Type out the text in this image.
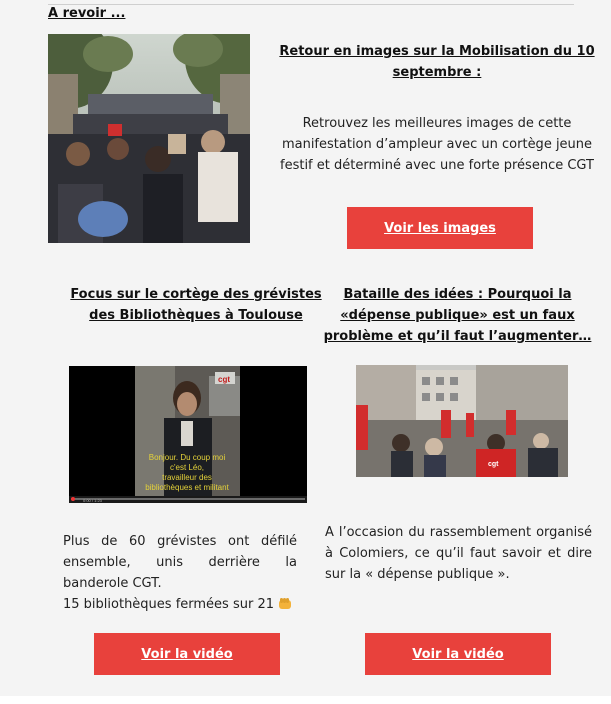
A revoir ...
Retour en images sur la Mobilisation du 10 septembre :
Retrouvez les meilleures images de cette manifestation d’ampleur avec un cortège jeune festif et déterminé avec une forte présence CGT
Voir les images
Focus sur le cortège des grévistes des Bibliothèques à Toulouse
cgt
Bonjour. Du coup moi
c'est Léo,
travailleur des
bibliothèques et militant
0:00 / 1:23
Plus de 60 grévistes ont défilé ensemble, unis derrière la banderole CGT.
15 bibliothèques fermées sur 21
Voir la vidéo
Bataille des idées : Pourquoi la «dépense publique» est un faux problème et qu’il faut l’augmenter…
cgt
A l’occasion du rassemblement organisé à Colomiers, ce qu’il faut savoir et dire sur la « dépense publique ».
Voir la vidéo
